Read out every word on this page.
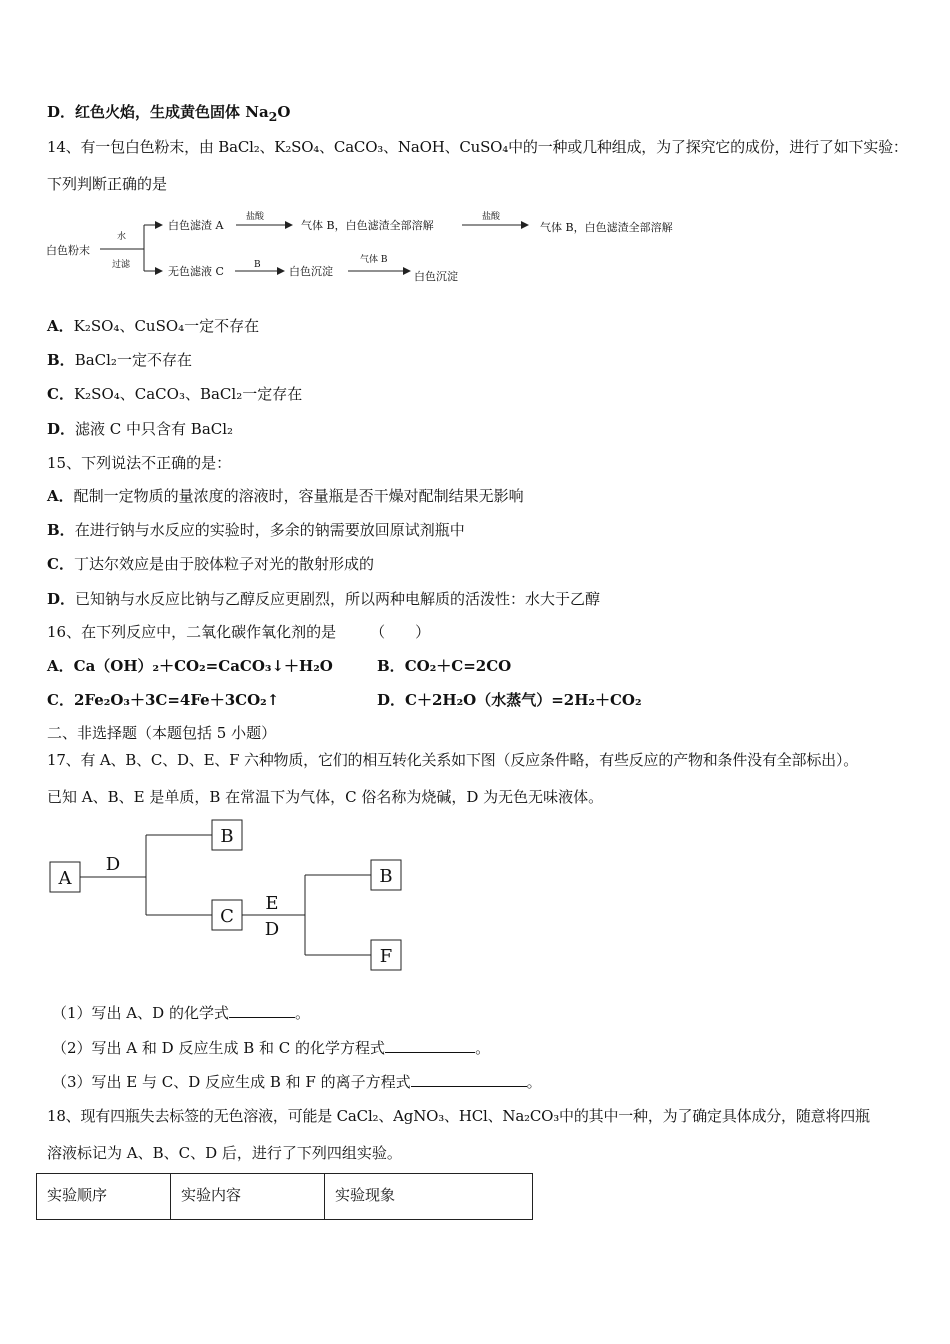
D．红色火焰，生成黄色固体 $Na_2O$
14、有一包白色粉末，由 BaCl₂、K₂SO₄、CaCO₃、NaOH、CuSO₄中的一种或几种组成，为了探究它的成份，进行了如下实验：
下列判断正确的是
白色粉末
水
过滤
白色滤渣 A
盐酸
气体 B，白色滤渣全部溶解
盐酸
气体 B，白色滤渣全部溶解
无色滤液 C	B	白色沉淀
气体 B
白色沉淀
A．K₂SO₄、CuSO₄一定不存在
B．BaCl₂一定不存在
C．K₂SO₄、CaCO₃、BaCl₂一定存在
D．滤液 C 中只含有 BaCl₂
15、下列说法不正确的是：
A．配制一定物质的量浓度的溶液时，容量瓶是否干燥对配制结果无影响
B．在进行钠与水反应的实验时，多余的钠需要放回原试剂瓶中
C．丁达尔效应是由于胶体粒子对光的散射形成的
D．已知钠与水反应比钠与乙醇反应更剧烈，所以两种电解质的活泼性：水大于乙醇
16、在下列反应中，二氧化碳作氧化剂的是 （　　）
A．Ca（OH）₂＋CO₂=CaCO₃↓＋H₂O	B．CO₂＋C=2CO
C．2Fe₂O₃＋3C=4Fe＋3CO₂↑	D．C＋2H₂O（水蒸气）=2H₂＋CO₂
二、非选择题（本题包括 5 小题）
17、有 A、B、C、D、E、F 六种物质，它们的相互转化关系如下图（反应条件略，有些反应的产物和条件没有全部标出）。
已知 A、B、E 是单质，B 在常温下为气体，C 俗名称为烧碱，D 为无色无味液体。
A
D
B
C
E
D
B
F
（1）写出 A、D 的化学式	。
（2）写出 A 和 D 反应生成 B 和 C 的化学方程式	。
（3）写出 E 与 C、D 反应生成 B 和 F 的离子方程式	。
18、现有四瓶失去标签的无色溶液，可能是 CaCl₂、AgNO₃、HCl、Na₂CO₃中的其中一种，为了确定具体成分，随意将四瓶
溶液标记为 A、B、C、D 后，进行了下列四组实验。
实验顺序	实验内容	实验现象
